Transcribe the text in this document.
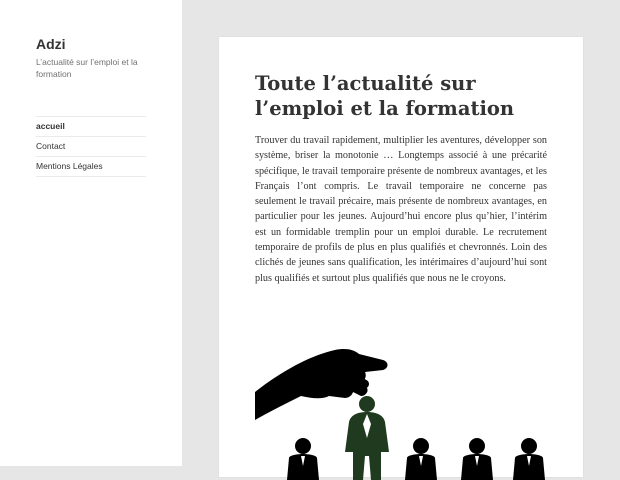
Adzi

L’actualité sur l’emploi et la formation

accueil
Contact
Mentions Légales
Toute l’actualité sur l’emploi et la formation

Trouver du travail rapidement, multiplier les aventures, développer son système, briser la monotonie … Longtemps associé à une précarité spécifique, le travail temporaire présente de nombreux avantages, et les Français l’ont compris. Le travail temporaire ne concerne pas seulement le travail précaire, mais présente de nombreux avantages, en particulier pour les jeunes. Aujourd’hui encore plus qu’hier, l’intérim est un formidable tremplin pour un emploi durable. Le recrutement temporaire de profils de plus en plus qualifiés et chevronnés. Loin des clichés de jeunes sans qualification, les intérimaires d’aujourd’hui sont plus qualifiés et surtout plus qualifiés que nous ne le croyons.
